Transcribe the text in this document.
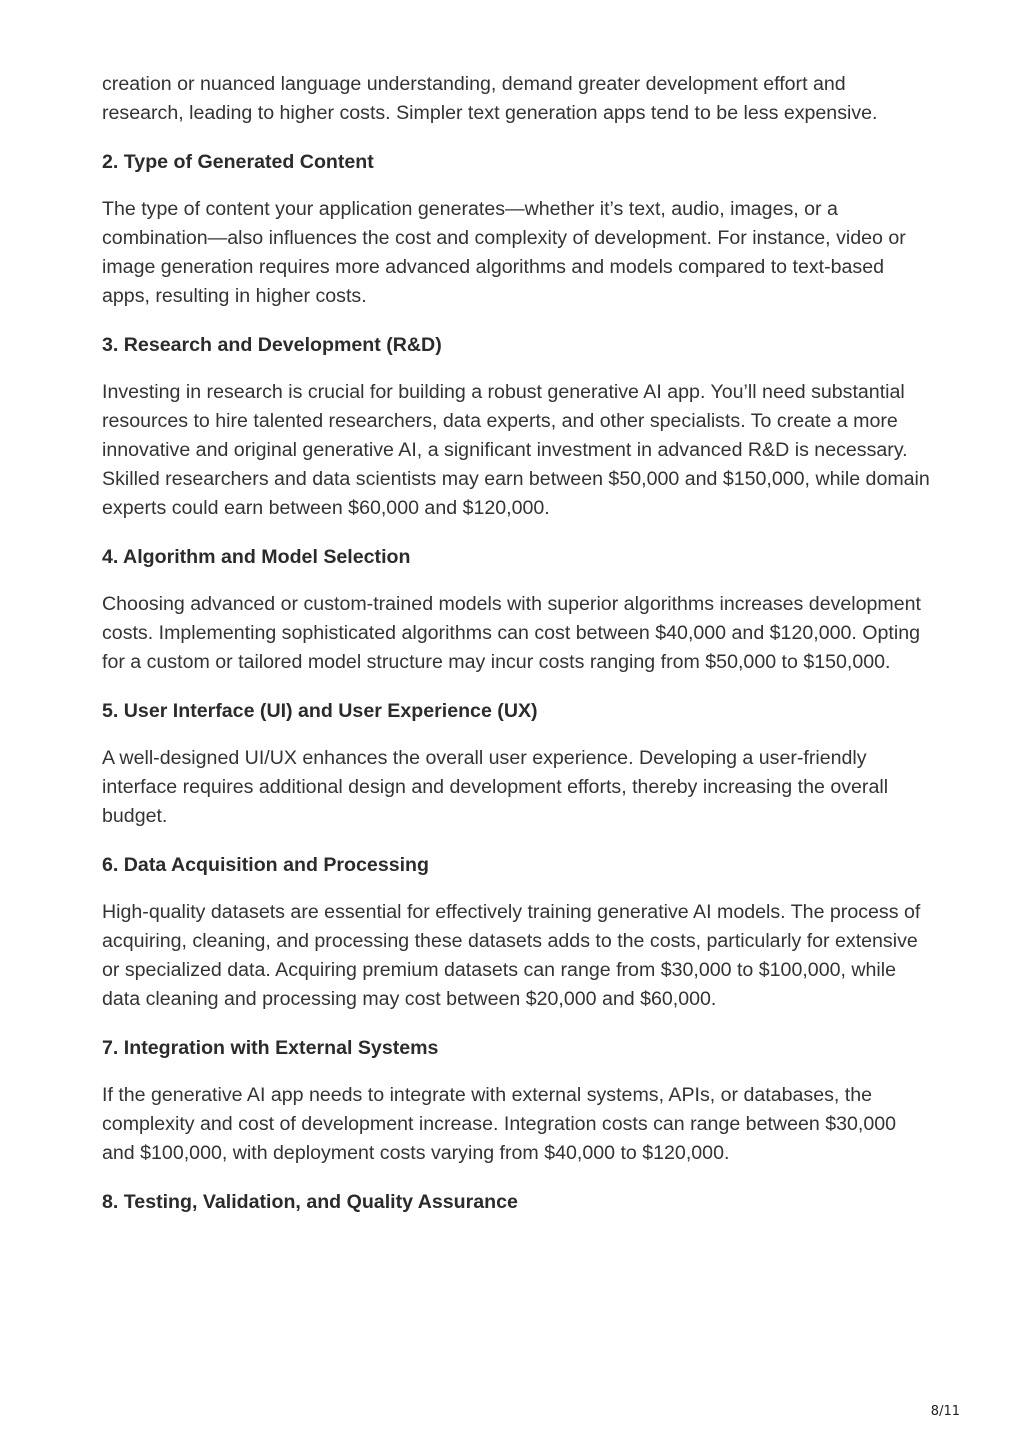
creation or nuanced language understanding, demand greater development effort and research, leading to higher costs. Simpler text generation apps tend to be less expensive.

2. Type of Generated Content

The type of content your application generates—whether it’s text, audio, images, or a combination—also influences the cost and complexity of development. For instance, video or image generation requires more advanced algorithms and models compared to text-based apps, resulting in higher costs.

3. Research and Development (R&D)

Investing in research is crucial for building a robust generative AI app. You’ll need substantial resources to hire talented researchers, data experts, and other specialists. To create a more innovative and original generative AI, a significant investment in advanced R&D is necessary. Skilled researchers and data scientists may earn between $50,000 and $150,000, while domain experts could earn between $60,000 and $120,000.

4. Algorithm and Model Selection

Choosing advanced or custom-trained models with superior algorithms increases development costs. Implementing sophisticated algorithms can cost between $40,000 and $120,000. Opting for a custom or tailored model structure may incur costs ranging from $50,000 to $150,000.

5. User Interface (UI) and User Experience (UX)

A well-designed UI/UX enhances the overall user experience. Developing a user-friendly interface requires additional design and development efforts, thereby increasing the overall budget.

6. Data Acquisition and Processing

High-quality datasets are essential for effectively training generative AI models. The process of acquiring, cleaning, and processing these datasets adds to the costs, particularly for extensive or specialized data. Acquiring premium datasets can range from $30,000 to $100,000, while data cleaning and processing may cost between $20,000 and $60,000.

7. Integration with External Systems

If the generative AI app needs to integrate with external systems, APIs, or databases, the complexity and cost of development increase. Integration costs can range between $30,000 and $100,000, with deployment costs varying from $40,000 to $120,000.

8. Testing, Validation, and Quality Assurance
8/11
